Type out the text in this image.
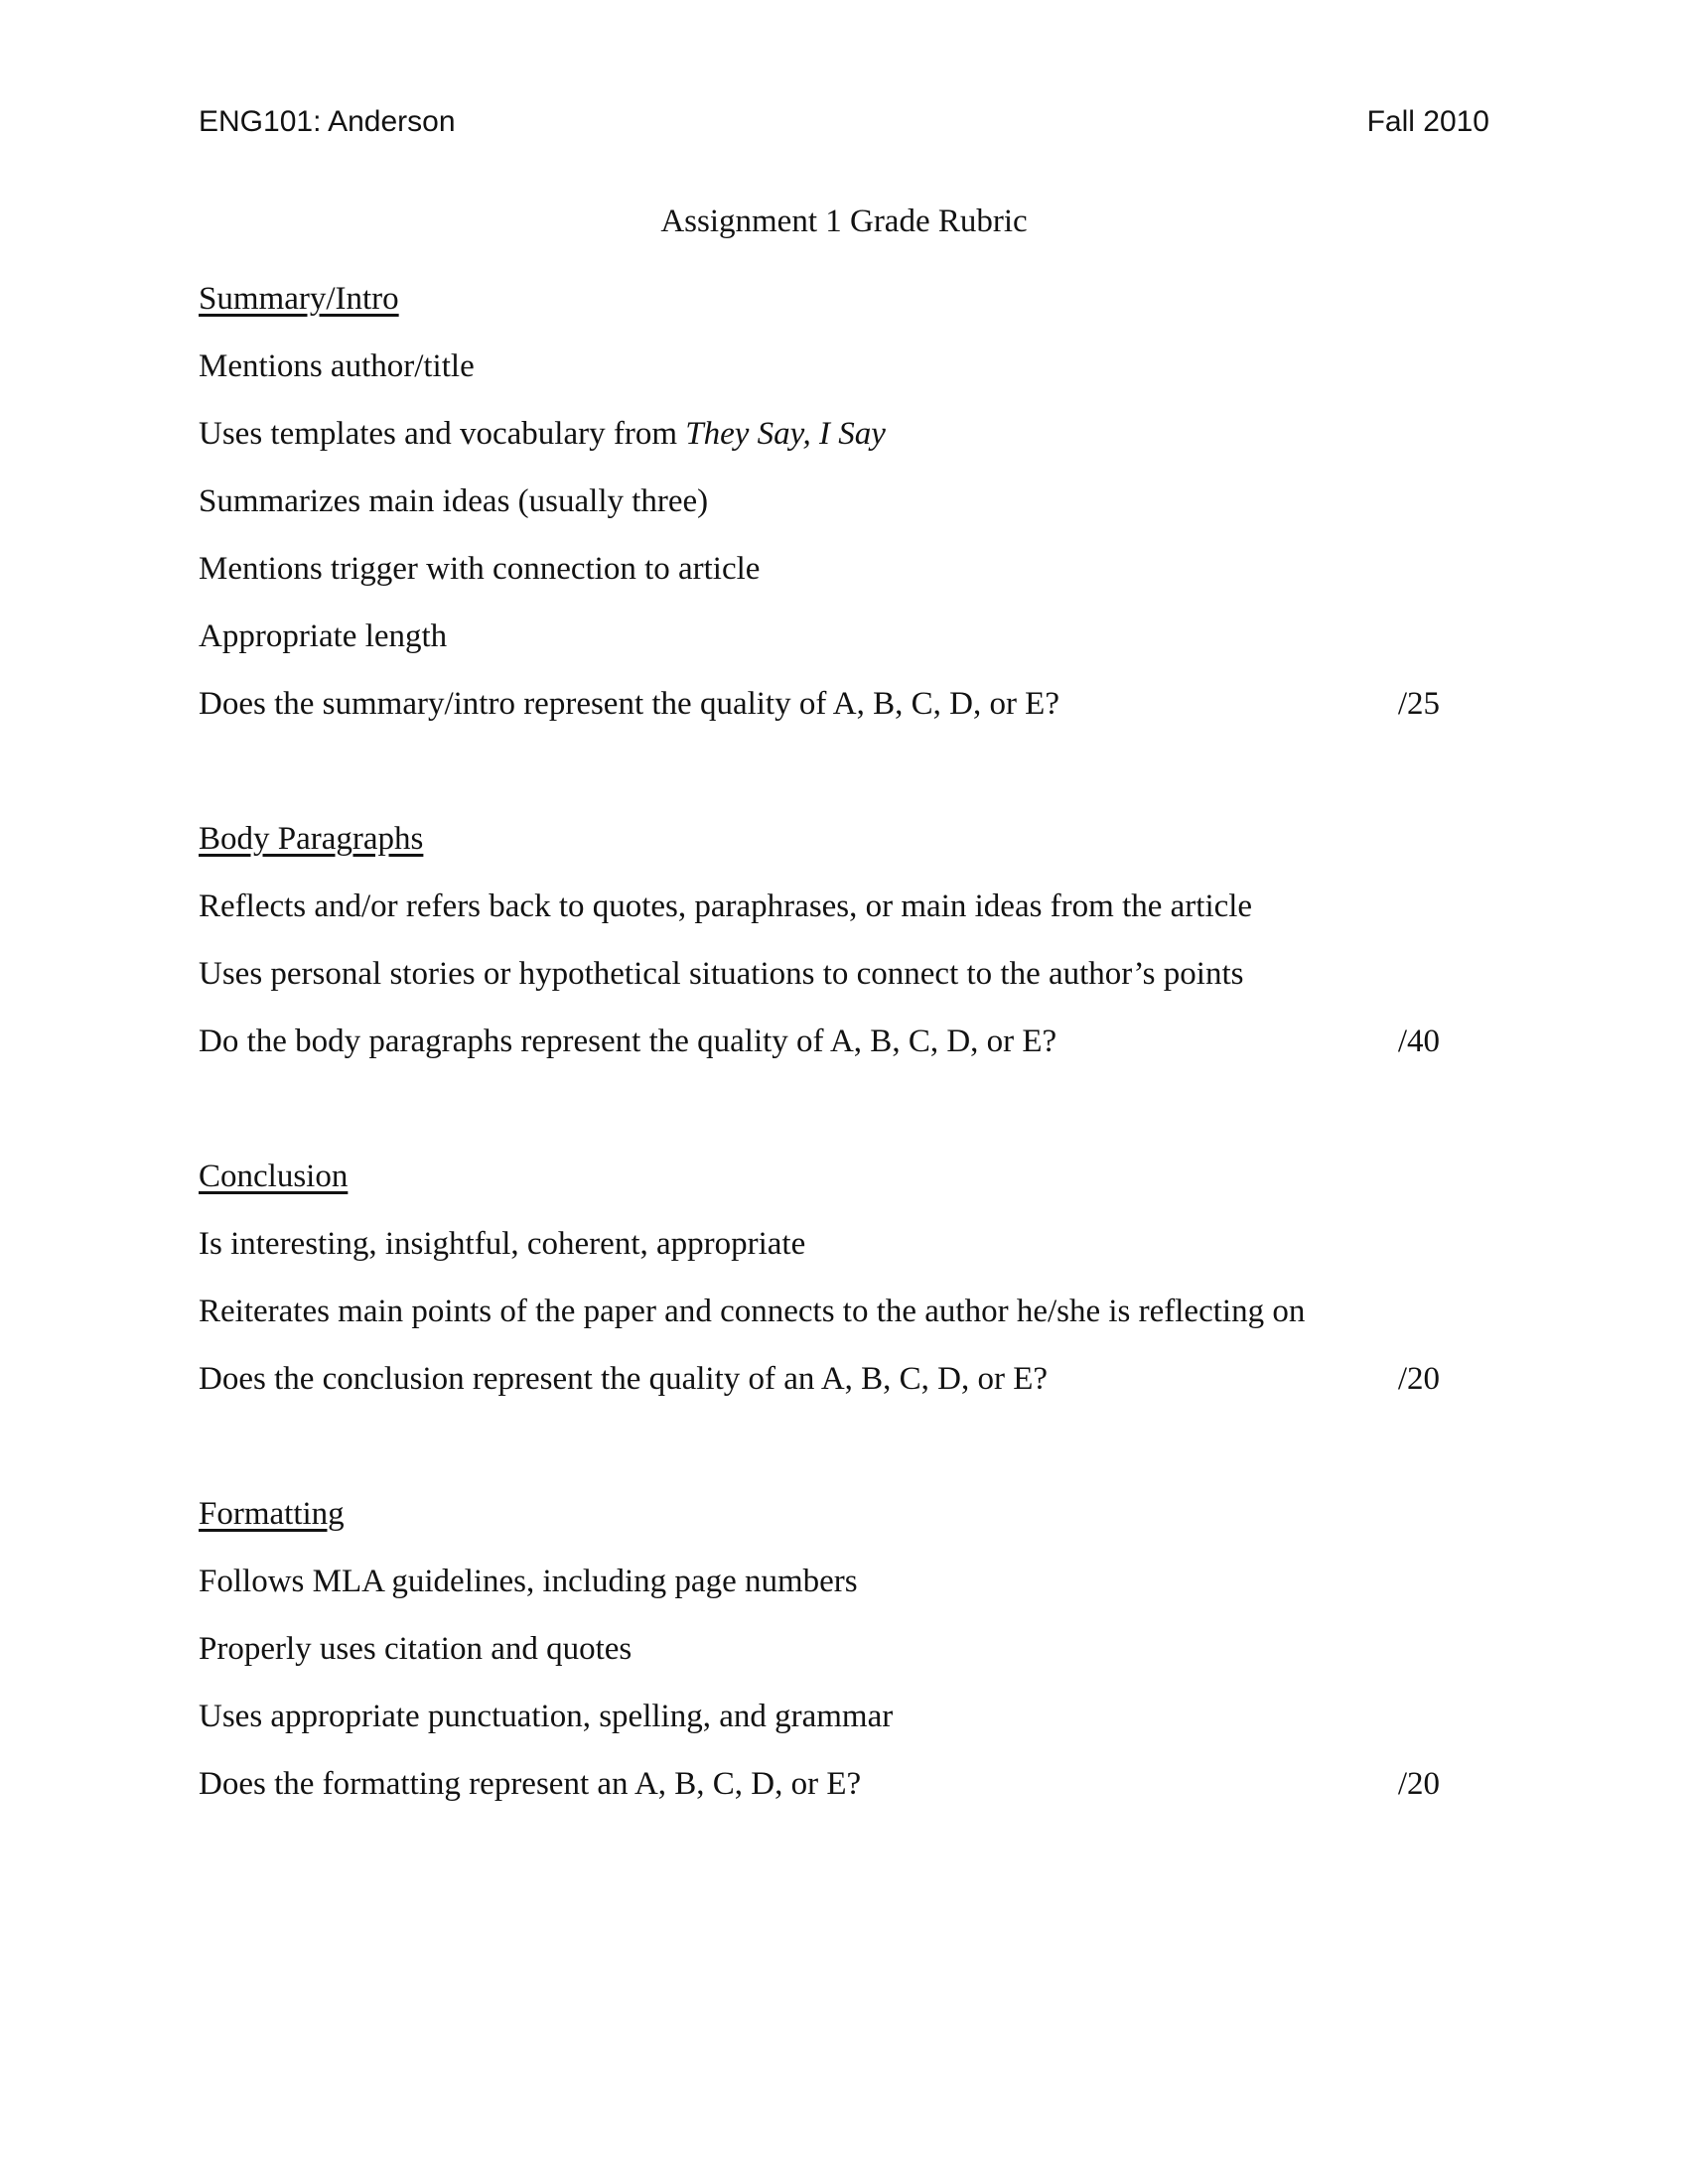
ENG101: Anderson	Fall 2010
Assignment 1 Grade Rubric
Summary/Intro
Mentions author/title
Uses templates and vocabulary from They Say, I Say
Summarizes main ideas (usually three)
Mentions trigger with connection to article
Appropriate length
Does the summary/intro represent the quality of A, B, C, D, or E?	/25
Body Paragraphs
Reflects and/or refers back to quotes, paraphrases, or main ideas from the article
Uses personal stories or hypothetical situations to connect to the author’s points
Do the body paragraphs represent the quality of A, B, C, D, or E?	/40
Conclusion
Is interesting, insightful, coherent, appropriate
Reiterates main points of the paper and connects to the author he/she is reflecting on
Does the conclusion represent the quality of an A, B, C, D, or E?	/20
Formatting
Follows MLA guidelines, including page numbers
Properly uses citation and quotes
Uses appropriate punctuation, spelling, and grammar
Does the formatting represent an A, B, C, D, or E?	/20
